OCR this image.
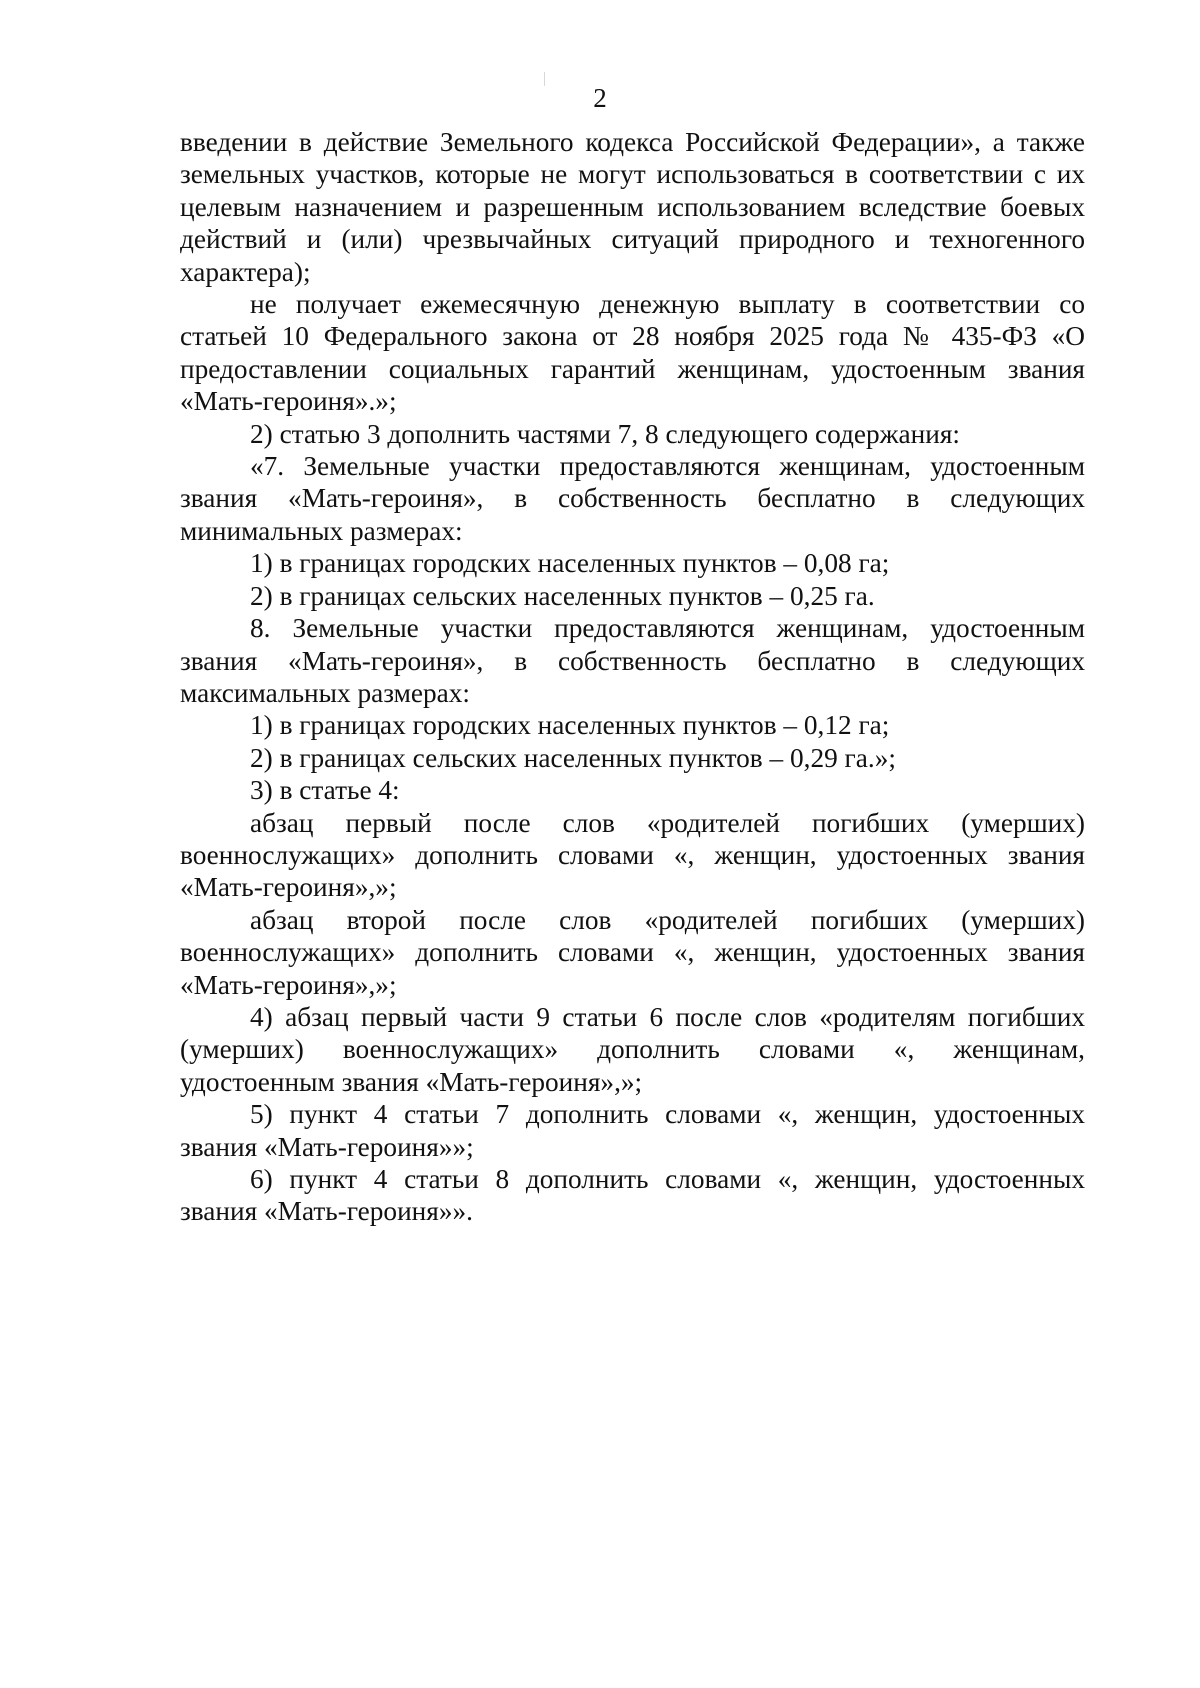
2
введении в действие Земельного кодекса Российской Федерации», а также
земельных участков, которые не могут использоваться в соответствии с их
целевым назначением и разрешенным использованием вследствие боевых
действий и (или) чрезвычайных ситуаций природного и техногенного
характера);
не получает ежемесячную денежную выплату в соответствии со
статьей 10 Федерального закона от 28 ноября 2025 года № 435-ФЗ «О
предоставлении социальных гарантий женщинам, удостоенным звания
«Мать-героиня».»;
2) статью 3 дополнить частями 7, 8 следующего содержания:
«7. Земельные участки предоставляются женщинам, удостоенным
звания «Мать-героиня», в собственность бесплатно в следующих
минимальных размерах:
1) в границах городских населенных пунктов – 0,08 га;
2) в границах сельских населенных пунктов – 0,25 га.
8. Земельные участки предоставляются женщинам, удостоенным
звания «Мать-героиня», в собственность бесплатно в следующих
максимальных размерах:
1) в границах городских населенных пунктов – 0,12 га;
2) в границах сельских населенных пунктов – 0,29 га.»;
3) в статье 4:
абзац первый после слов «родителей погибших (умерших)
военнослужащих» дополнить словами «, женщин, удостоенных звания
«Мать-героиня»,»;
абзац второй после слов «родителей погибших (умерших)
военнослужащих» дополнить словами «, женщин, удостоенных звания
«Мать-героиня»,»;
4) абзац первый части 9 статьи 6 после слов «родителям погибших
(умерших) военнослужащих» дополнить словами «, женщинам,
удостоенным звания «Мать-героиня»,»;
5) пункт 4 статьи 7 дополнить словами «, женщин, удостоенных
звания «Мать-героиня»»;
6) пункт 4 статьи 8 дополнить словами «, женщин, удостоенных
звания «Мать-героиня»».
